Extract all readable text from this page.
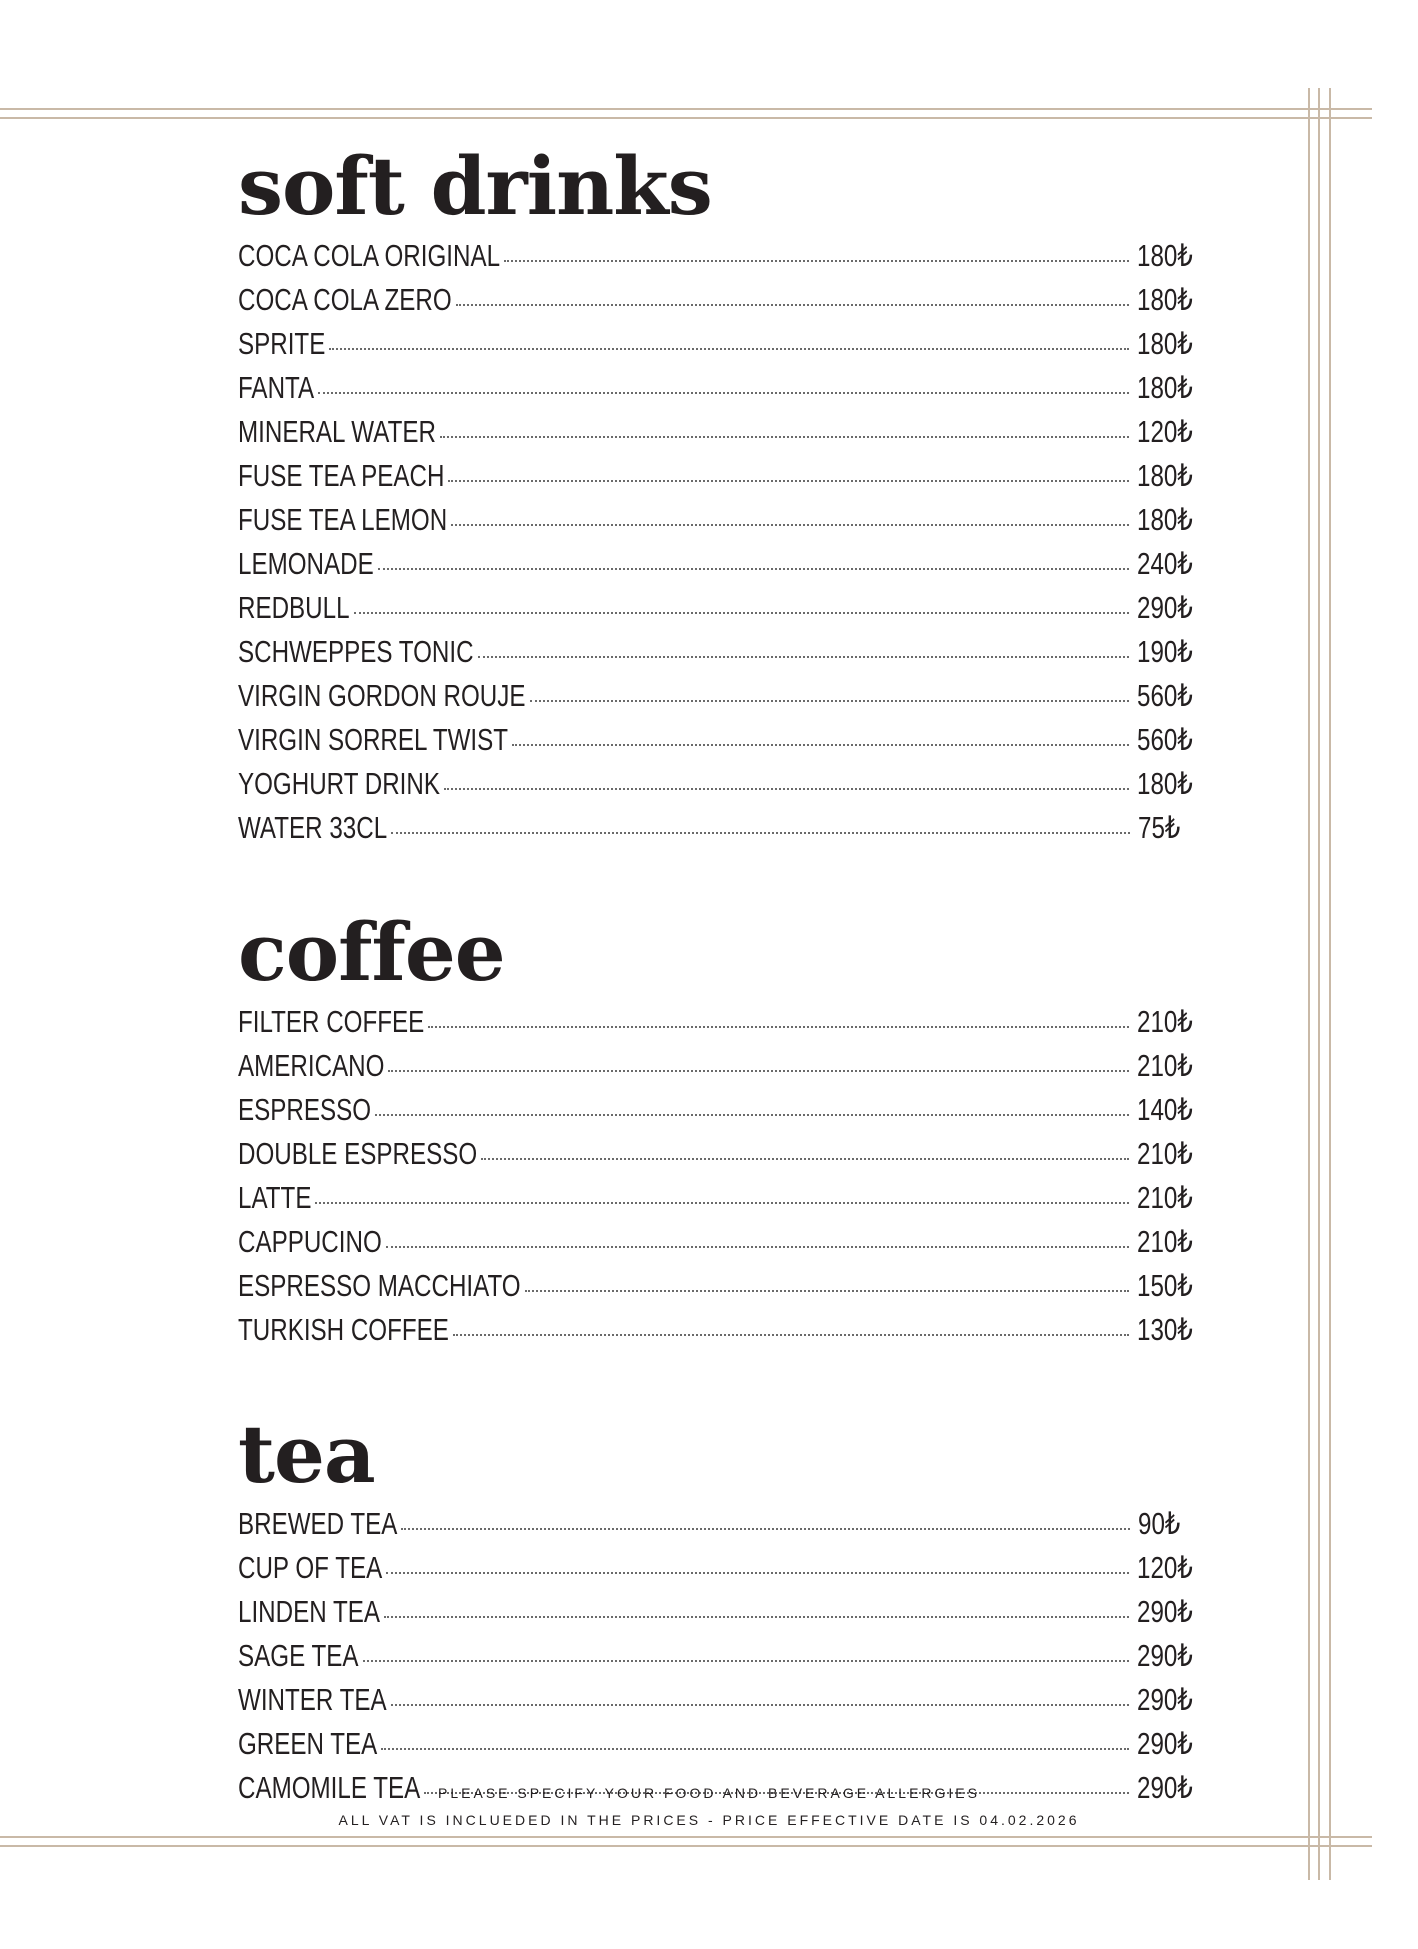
soft drinks
COCA COLA ORIGINAL	180₺
COCA COLA ZERO	180₺
SPRITE	180₺
FANTA	180₺
MINERAL WATER	120₺
FUSE TEA PEACH	180₺
FUSE TEA LEMON	180₺
LEMONADE	240₺
REDBULL	290₺
SCHWEPPES TONIC	190₺
VIRGIN GORDON ROUJE	560₺
VIRGIN SORREL TWIST	560₺
YOGHURT DRINK	180₺
WATER 33CL	75₺
coffee
FILTER COFFEE	210₺
AMERICANO	210₺
ESPRESSO	140₺
DOUBLE ESPRESSO	210₺
LATTE	210₺
CAPPUCINO	210₺
ESPRESSO MACCHIATO	150₺
TURKISH COFFEE	130₺
tea
BREWED TEA	90₺
CUP OF TEA	120₺
LINDEN TEA	290₺
SAGE TEA	290₺
WINTER TEA	290₺
GREEN TEA	290₺
CAMOMILE TEA	290₺
PLEASE SPECIFY YOUR FOOD AND BEVERAGE ALLERGIES
ALL VAT IS INCLUEDED IN THE PRICES - PRICE EFFECTIVE DATE IS 04.02.2026
